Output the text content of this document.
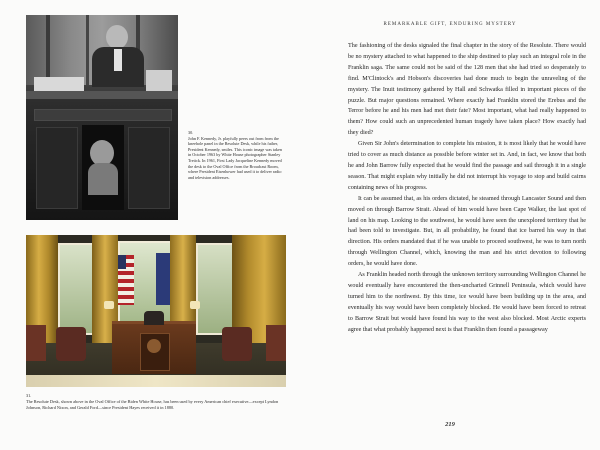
30.
John F. Kennedy, Jr. playfully peers out from from the kneehole panel in the Resolute Desk, while his father, President Kennedy, smiles. This iconic image was taken in October 1963 by White House photographer Stanley Tretick. In 1961, First Lady Jacqueline Kennedy moved the desk to the Oval Office from the Broadcast Room, where President Eisenhower had used it to deliver radio and television addresses.
31.
The Resolute Desk, shown above in the Oval Office of the Biden White House, has been used by every American chief executive—except Lyndon Johnson, Richard Nixon, and Gerald Ford—since President Hayes received it in 1880.
REMARKABLE GIFT, ENDURING MYSTERY

The fashioning of the desks signaled the final chapter in the story of the Resolute. There would be no mystery attached to what happened to the ship destined to play such an integral role in the Franklin saga. The same could not be said of the 128 men that she had tried so desperately to find. M'Clintock's and Hobson's discoveries had done much to begin the unraveling of the mystery. The Inuit testimony gathered by Hall and Schwatka filled in important pieces of the puzzle. But major questions remained. Where exactly had Franklin stored the Erebus and the Terror before he and his men had met their fate? Most important, what had really happened to them? How could such an unprecedented human tragedy have taken place? How exactly had they died?

Given Sir John's determination to complete his mission, it is most likely that he would have tried to cover as much distance as possible before winter set in. And, in fact, we know that both he and John Barrow fully expected that he would find the passage and sail through it in a single season. That might explain why initially he did not interrupt his voyage to stop and build cairns containing news of his progress.

It can be assumed that, as his orders dictated, he steamed through Lancaster Sound and then moved on through Barrow Strait. Ahead of him would have been Cape Walker, the last spot of land on his map. Looking to the southwest, he would have seen the unexplored territory that he had been told to investigate. But, in all probability, he found that ice barred his way in that direction. His orders mandated that if he was unable to proceed southwest, he was to turn north through Wellington Channel, which, knowing the man and his strict devotion to following orders, he would have done.

As Franklin headed north through the unknown territory surrounding Wellington Channel he would eventually have encountered the then-uncharted Grinnell Peninsula, which would have turned him to the northwest. By this time, ice would have been building up in the area, and eventually his way would have been completely blocked. He would have been forced to retreat to Barrow Strait but would have found his way to the west also blocked. Most Arctic experts agree that what probably happened next is that Franklin then found a passageway

219
